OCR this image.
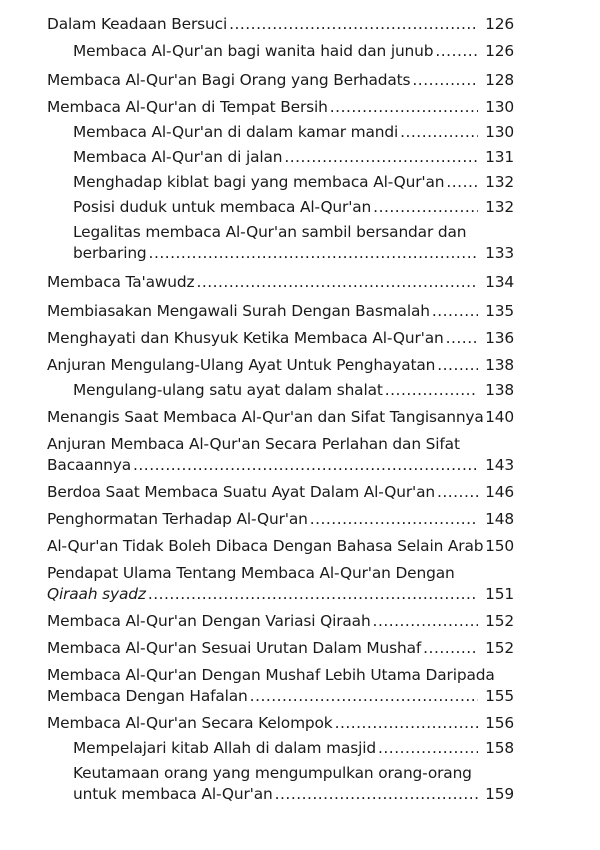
Dalam Keadaan Bersuci .....	126
Membaca Al-Qur'an bagi wanita haid dan junub .....	126
Membaca Al-Qur'an Bagi Orang yang Berhadats .....	128
Membaca Al-Qur'an di Tempat Bersih .....	130
Membaca Al-Qur'an di dalam kamar mandi .....	130
Membaca Al-Qur'an di jalan .....	131
Menghadap kiblat bagi yang membaca Al-Qur'an .....	132
Posisi duduk untuk membaca Al-Qur'an .....	132
Legalitas membaca Al-Qur'an sambil bersandar dan
berbaring .....	133
Membaca Ta'awudz .....	134
Membiasakan Mengawali Surah Dengan Basmalah .....	135
Menghayati dan Khusyuk Ketika Membaca Al-Qur'an .....	136
Anjuran Mengulang-Ulang Ayat Untuk Penghayatan .....	138
Mengulang-ulang satu ayat dalam shalat .....	138
Menangis Saat Membaca Al-Qur'an dan Sifat Tangisannya 140
Anjuran Membaca Al-Qur'an Secara Perlahan dan Sifat
Bacaannya .....	143
Berdoa Saat Membaca Suatu Ayat Dalam Al-Qur'an .....	146
Penghormatan Terhadap Al-Qur'an .....	148
Al-Qur'an Tidak Boleh Dibaca Dengan Bahasa Selain Arab 150
Pendapat Ulama Tentang Membaca Al-Qur'an Dengan
Qiraah syadz .....	151
Membaca Al-Qur'an Dengan Variasi Qiraah .....	152
Membaca Al-Qur'an Sesuai Urutan Dalam Mushaf .....	152
Membaca Al-Qur'an Dengan Mushaf Lebih Utama Daripada
Membaca Dengan Hafalan .....	155
Membaca Al-Qur'an Secara Kelompok .....	156
Mempelajari kitab Allah di dalam masjid .....	158
Keutamaan orang yang mengumpulkan orang-orang
untuk membaca Al-Qur'an .....	159
